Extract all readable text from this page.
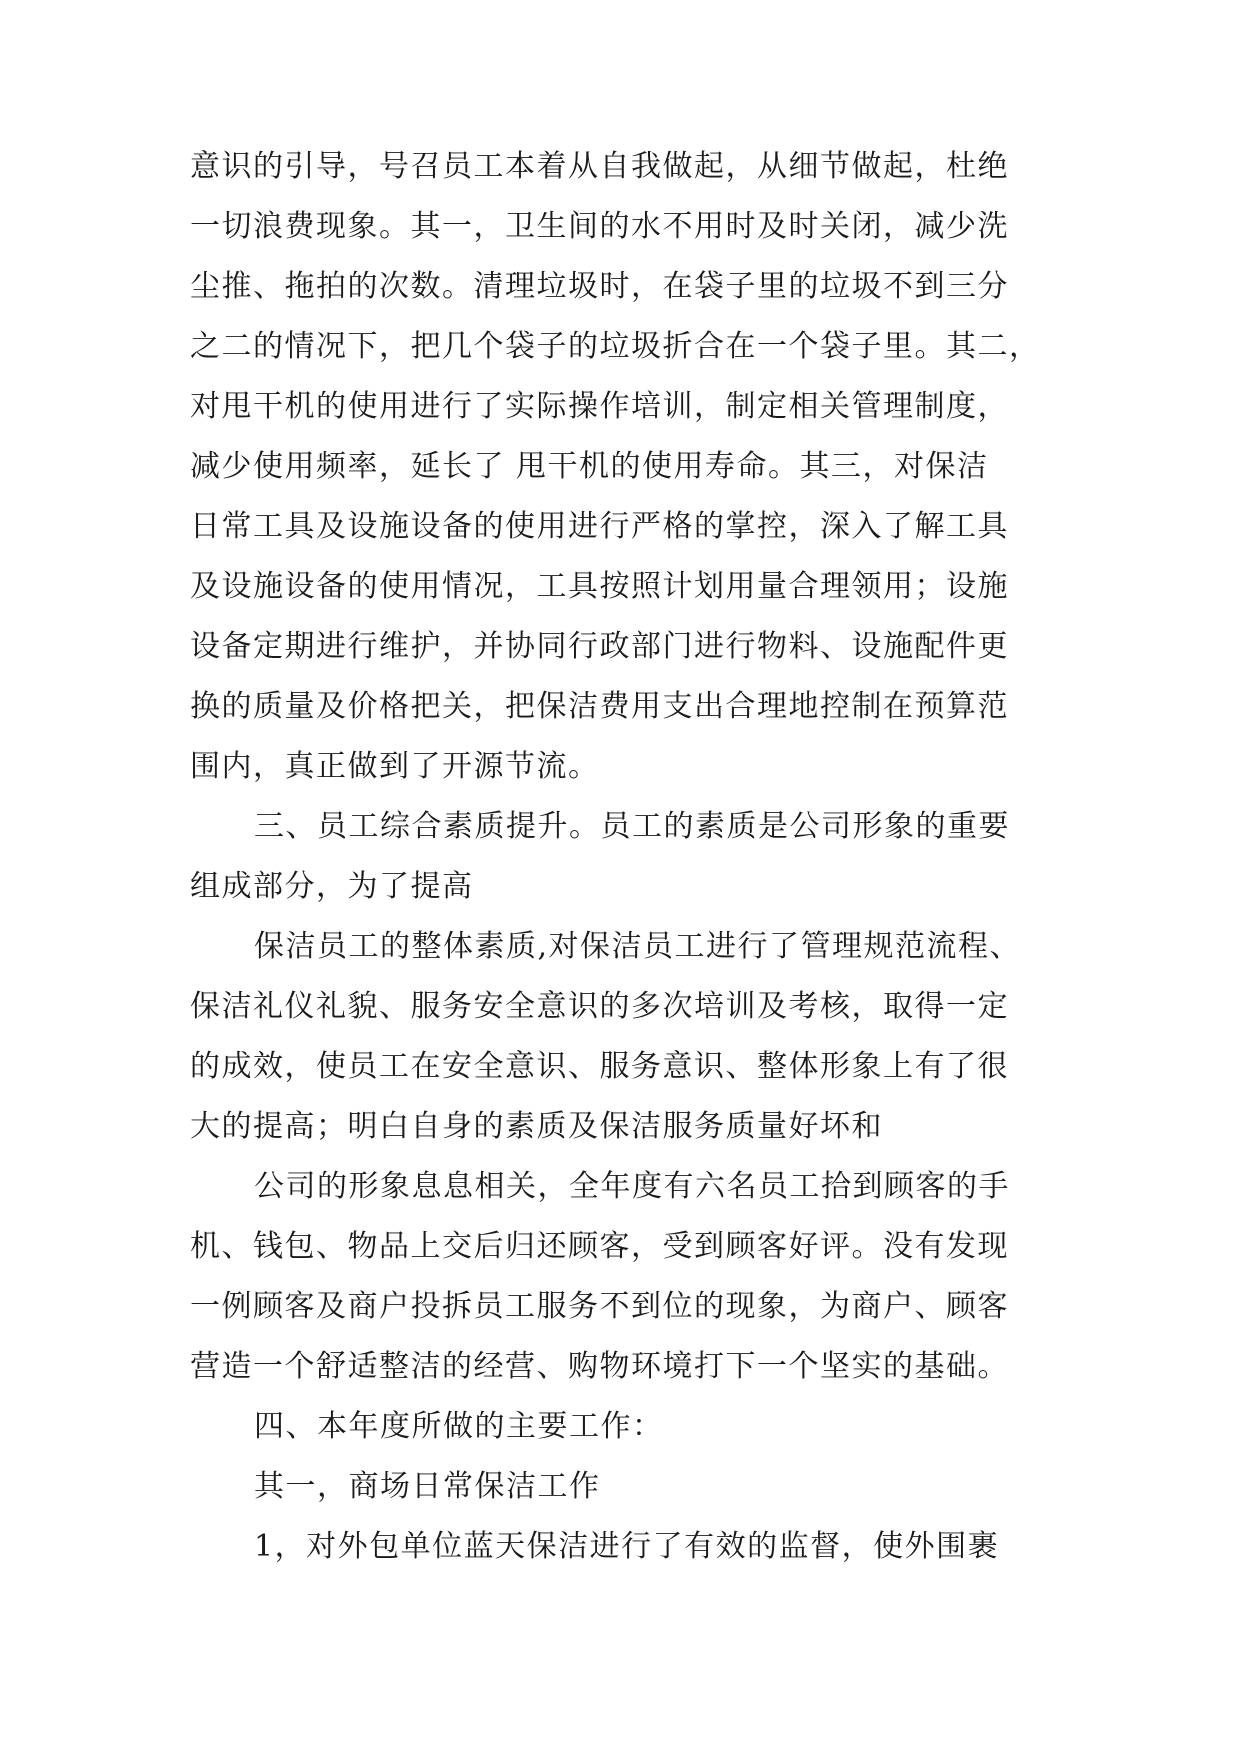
意识的引导，号召员工本着从自我做起，从细节做起，杜绝
一切浪费现象。其一，卫生间的水不用时及时关闭，减少洗
尘推、拖拍的次数。清理垃圾时，在袋子里的垃圾不到三分
之二的情况下，把几个袋子的垃圾折合在一个袋子里。其二，
对甩干机的使用进行了实际操作培训，制定相关管理制度，
减少使用频率，延长了 甩干机的使用寿命。其三，对保洁
日常工具及设施设备的使用进行严格的掌控，深入了解工具
及设施设备的使用情况，工具按照计划用量合理领用；设施
设备定期进行维护，并协同行政部门进行物料、设施配件更
换的质量及价格把关，把保洁费用支出合理地控制在预算范
围内，真正做到了开源节流。
三、员工综合素质提升。员工的素质是公司形象的重要
组成部分，为了提高
保洁员工的整体素质,对保洁员工进行了管理规范流程、
保洁礼仪礼貌、服务安全意识的多次培训及考核，取得一定
的成效，使员工在安全意识、服务意识、整体形象上有了很
大的提高；明白自身的素质及保洁服务质量好坏和
公司的形象息息相关，全年度有六名员工拾到顾客的手
机、钱包、物品上交后归还顾客，受到顾客好评。没有发现
一例顾客及商户投拆员工服务不到位的现象，为商户、顾客
营造一个舒适整洁的经营、购物环境打下一个坚实的基础。
四、本年度所做的主要工作：
其一，商场日常保洁工作
1，对外包单位蓝天保洁进行了有效的监督，使外围裹
